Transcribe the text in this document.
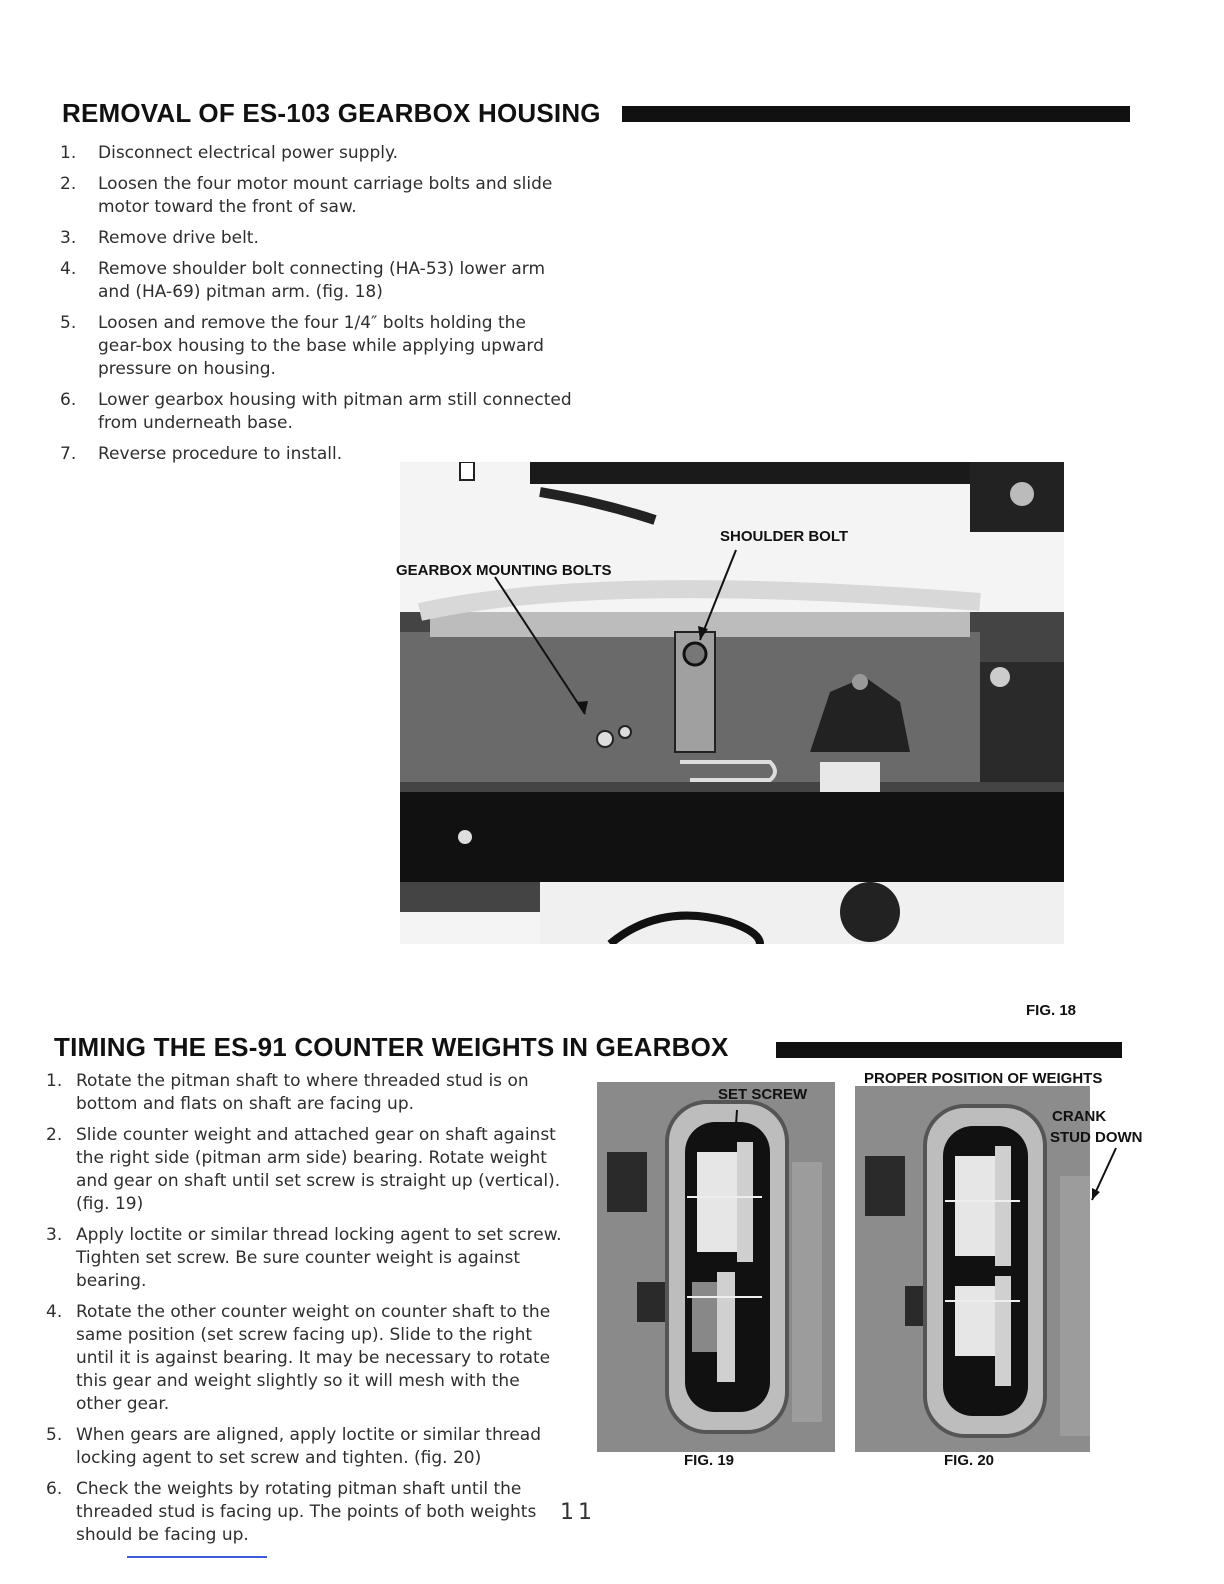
REMOVAL OF ES-103 GEARBOX HOUSING
1. Disconnect electrical power supply.
2. Loosen the four motor mount carriage bolts and slide motor toward the front of saw.
3. Remove drive belt.
4. Remove shoulder bolt connecting (HA-53) lower arm and (HA-69) pitman arm. (fig. 18)
5. Loosen and remove the four 1/4″ bolts holding the gear-box housing to the base while applying upward pressure on housing.
6. Lower gearbox housing with pitman arm still connected from underneath base.
7. Reverse procedure to install.
SHOULDER BOLT
GEARBOX MOUNTING BOLTS
FIG. 18
TIMING THE ES-91 COUNTER WEIGHTS IN GEARBOX
1. Rotate the pitman shaft to where threaded stud is on bottom and flats on shaft are facing up.
2. Slide counter weight and attached gear on shaft against the right side (pitman arm side) bearing. Rotate weight and gear on shaft until set screw is straight up (vertical). (fig. 19)
3. Apply loctite or similar thread locking agent to set screw. Tighten set screw. Be sure counter weight is against bearing.
4. Rotate the other counter weight on counter shaft to the same position (set screw facing up). Slide to the right until it is against bearing. It may be necessary to rotate this gear and weight slightly so it will mesh with the other gear.
5. When gears are aligned, apply loctite or similar thread locking agent to set screw and tighten. (fig. 20)
6. Check the weights by rotating pitman shaft until the threaded stud is facing up. The points of both weights should be facing up.
SET SCREW
FIG. 19
PROPER POSITION OF WEIGHTS
CRANK
STUD DOWN
FIG. 20
11
